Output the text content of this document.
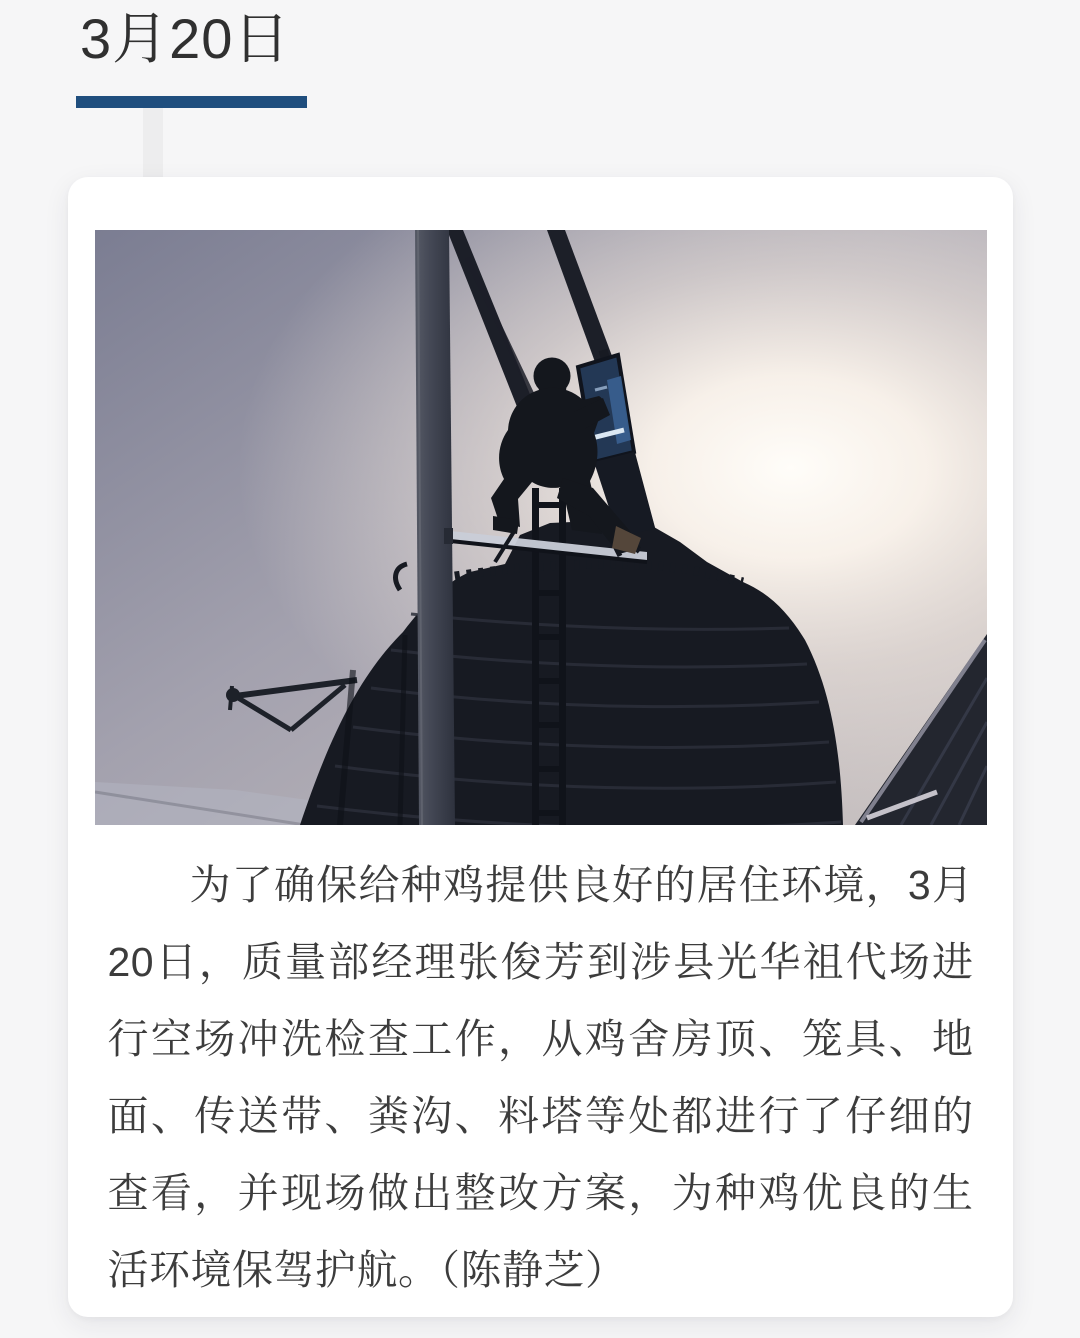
3月20日

为了确保给种鸡提供良好的居住环境，3月20日，质量部经理张俊芳到涉县光华祖代场进行空场冲洗检查工作，从鸡舍房顶、笼具、地面、传送带、粪沟、料塔等处都进行了仔细的查看，并现场做出整改方案，为种鸡优良的生活环境保驾护航。（陈静芝）
